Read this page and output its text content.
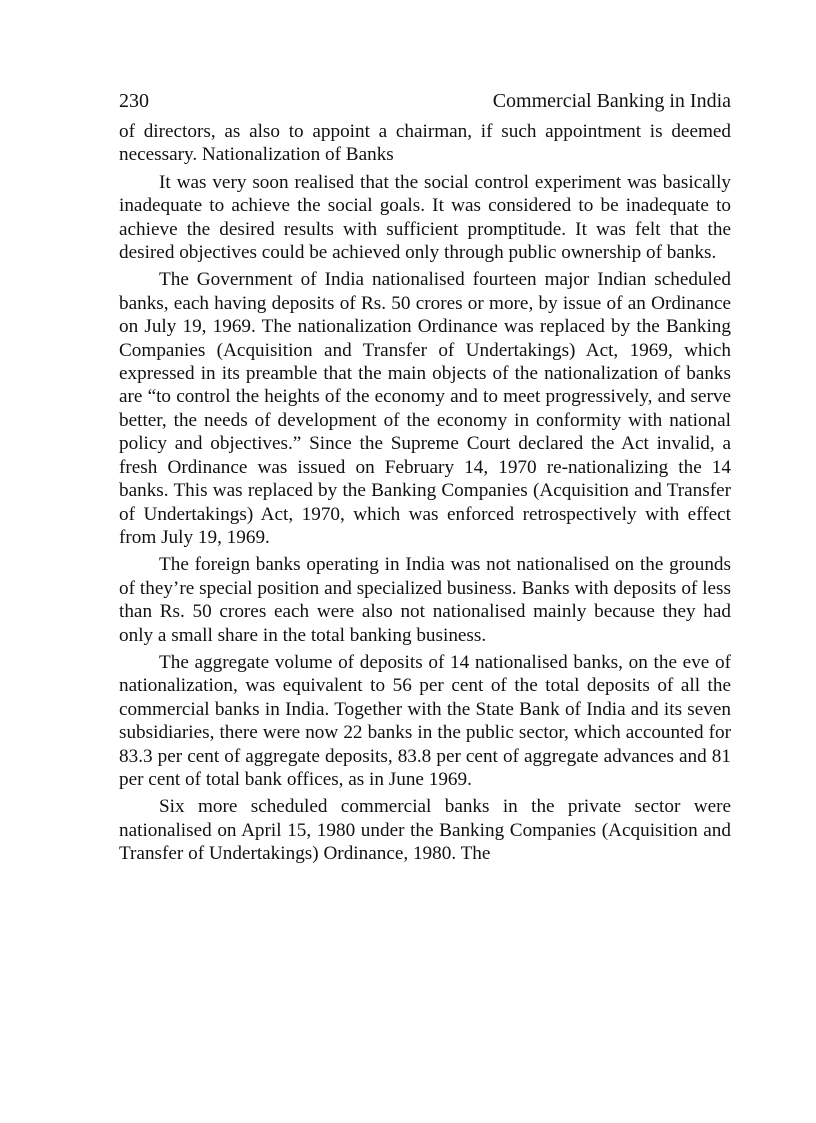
230	Commercial Banking in India

of directors, as also to appoint a chairman, if such appointment is deemed necessary. Nationalization of Banks

It was very soon realised that the social control experiment was basically inadequate to achieve the social goals. It was considered to be inadequate to achieve the desired results with sufficient promptitude. It was felt that the desired objectives could be achieved only through public ownership of banks.

The Government of India nationalised fourteen major Indian scheduled banks, each having deposits of Rs. 50 crores or more, by issue of an Ordinance on July 19, 1969. The nationalization Ordinance was replaced by the Banking Companies (Acquisition and Transfer of Undertakings) Act, 1969, which expressed in its preamble that the main objects of the nationalization of banks are “to control the heights of the economy and to meet progressively, and serve better, the needs of development of the economy in conformity with national policy and objectives.” Since the Supreme Court declared the Act invalid, a fresh Ordinance was issued on February 14, 1970 re-nationalizing the 14 banks. This was replaced by the Banking Companies (Acquisition and Transfer of Undertakings) Act, 1970, which was enforced retrospectively with effect from July 19, 1969.

The foreign banks operating in India was not nationalised on the grounds of they’re special position and specialized business. Banks with deposits of less than Rs. 50 crores each were also not nationalised mainly because they had only a small share in the total banking business.

The aggregate volume of deposits of 14 nationalised banks, on the eve of nationalization, was equivalent to 56 per cent of the total deposits of all the commercial banks in India. Together with the State Bank of India and its seven subsidiaries, there were now 22 banks in the public sector, which accounted for 83.3 per cent of aggregate deposits, 83.8 per cent of aggregate advances and 81 per cent of total bank offices, as in June 1969.

Six more scheduled commercial banks in the private sector were nationalised on April 15, 1980 under the Banking Companies (Acquisition and Transfer of Undertakings) Ordinance, 1980. The
